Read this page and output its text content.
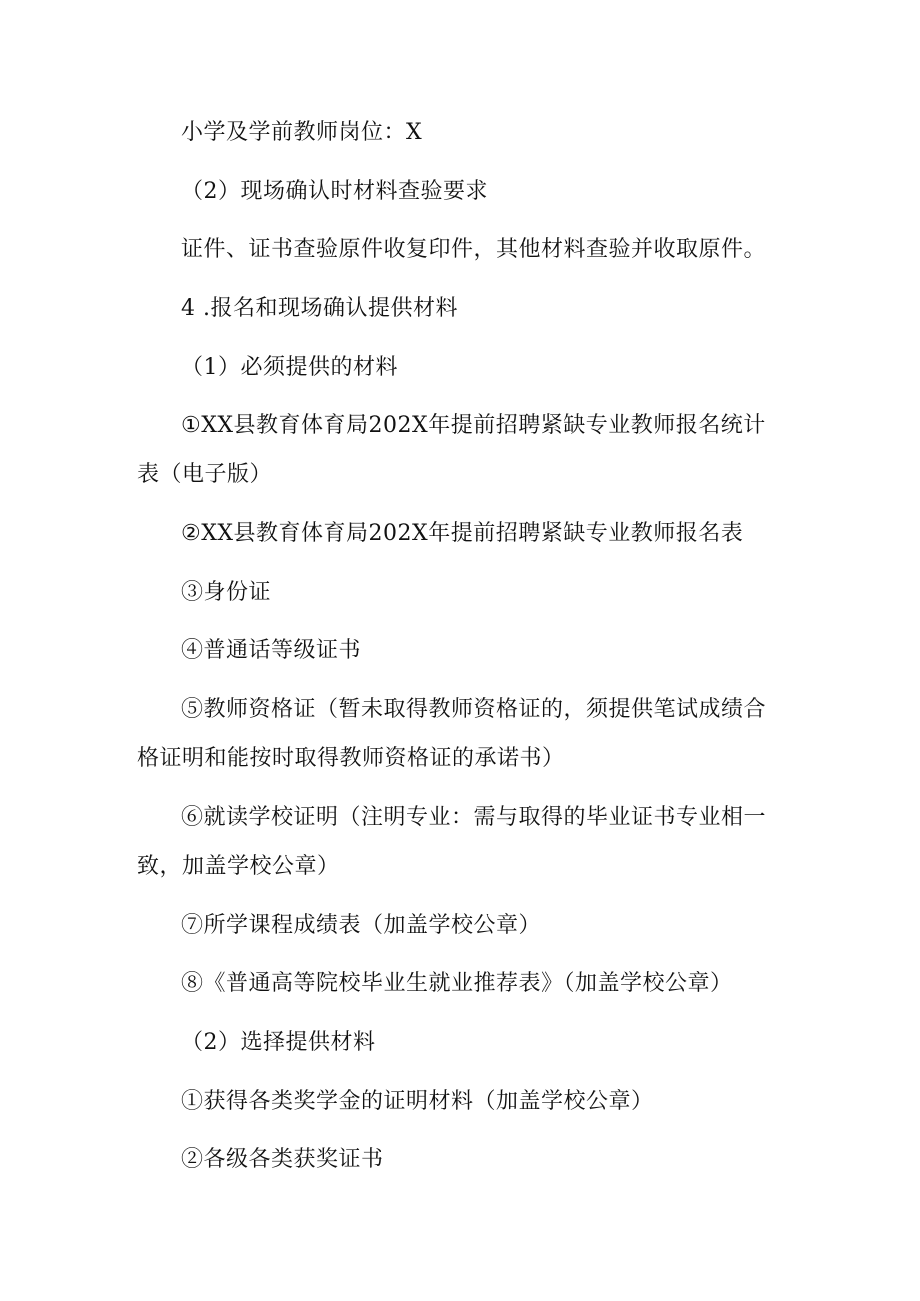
小学及学前教师岗位：X
（2）现场确认时材料查验要求
证件、证书查验原件收复印件，其他材料查验并收取原件。
4 .报名和现场确认提供材料
（1）必须提供的材料
①XX县教育体育局202X年提前招聘紧缺专业教师报名统计
表（电子版）
②XX县教育体育局202X年提前招聘紧缺专业教师报名表
③身份证
④普通话等级证书
⑤教师资格证（暂未取得教师资格证的，须提供笔试成绩合
格证明和能按时取得教师资格证的承诺书）
⑥就读学校证明（注明专业：需与取得的毕业证书专业相一
致，加盖学校公章）
⑦所学课程成绩表（加盖学校公章）
⑧《普通高等院校毕业生就业推荐表》（加盖学校公章）
（2）选择提供材料
①获得各类奖学金的证明材料（加盖学校公章）
②各级各类获奖证书
